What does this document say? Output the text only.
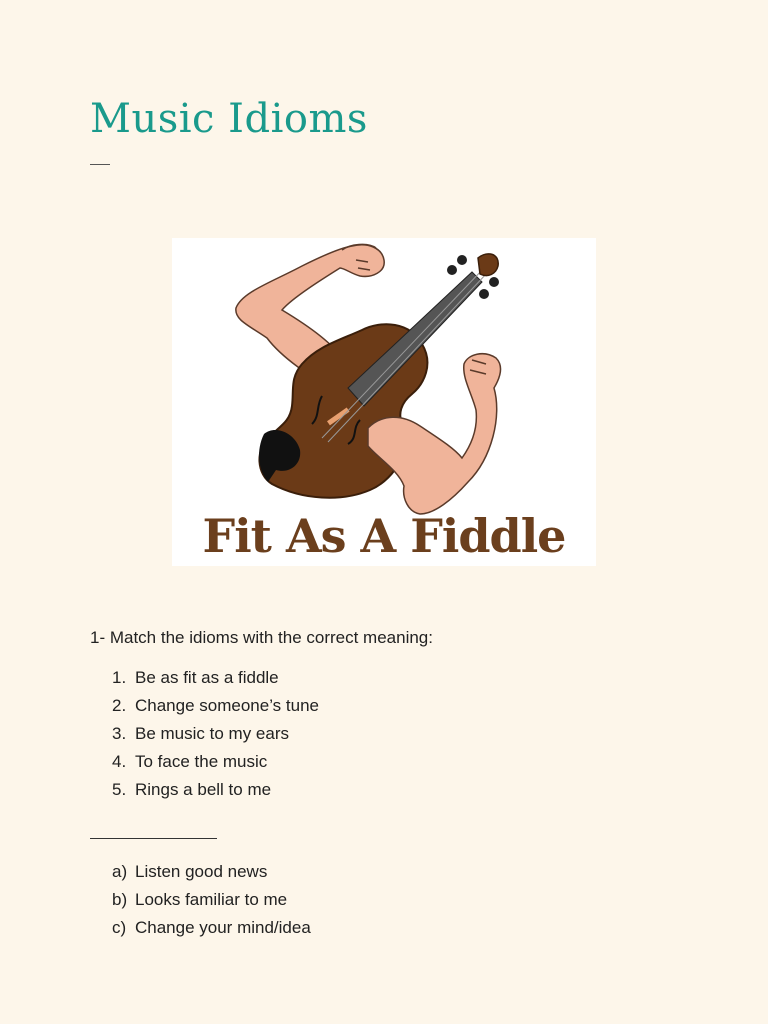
Music Idioms
Fit As A Fiddle

1- Match the idioms with the correct meaning:

1. Be as fit as a fiddle
2. Change someone’s tune
3. Be music to my ears
4. To face the music
5. Rings a bell to me
a) Listen good news
b) Looks familiar to me
c) Change your mind/idea
